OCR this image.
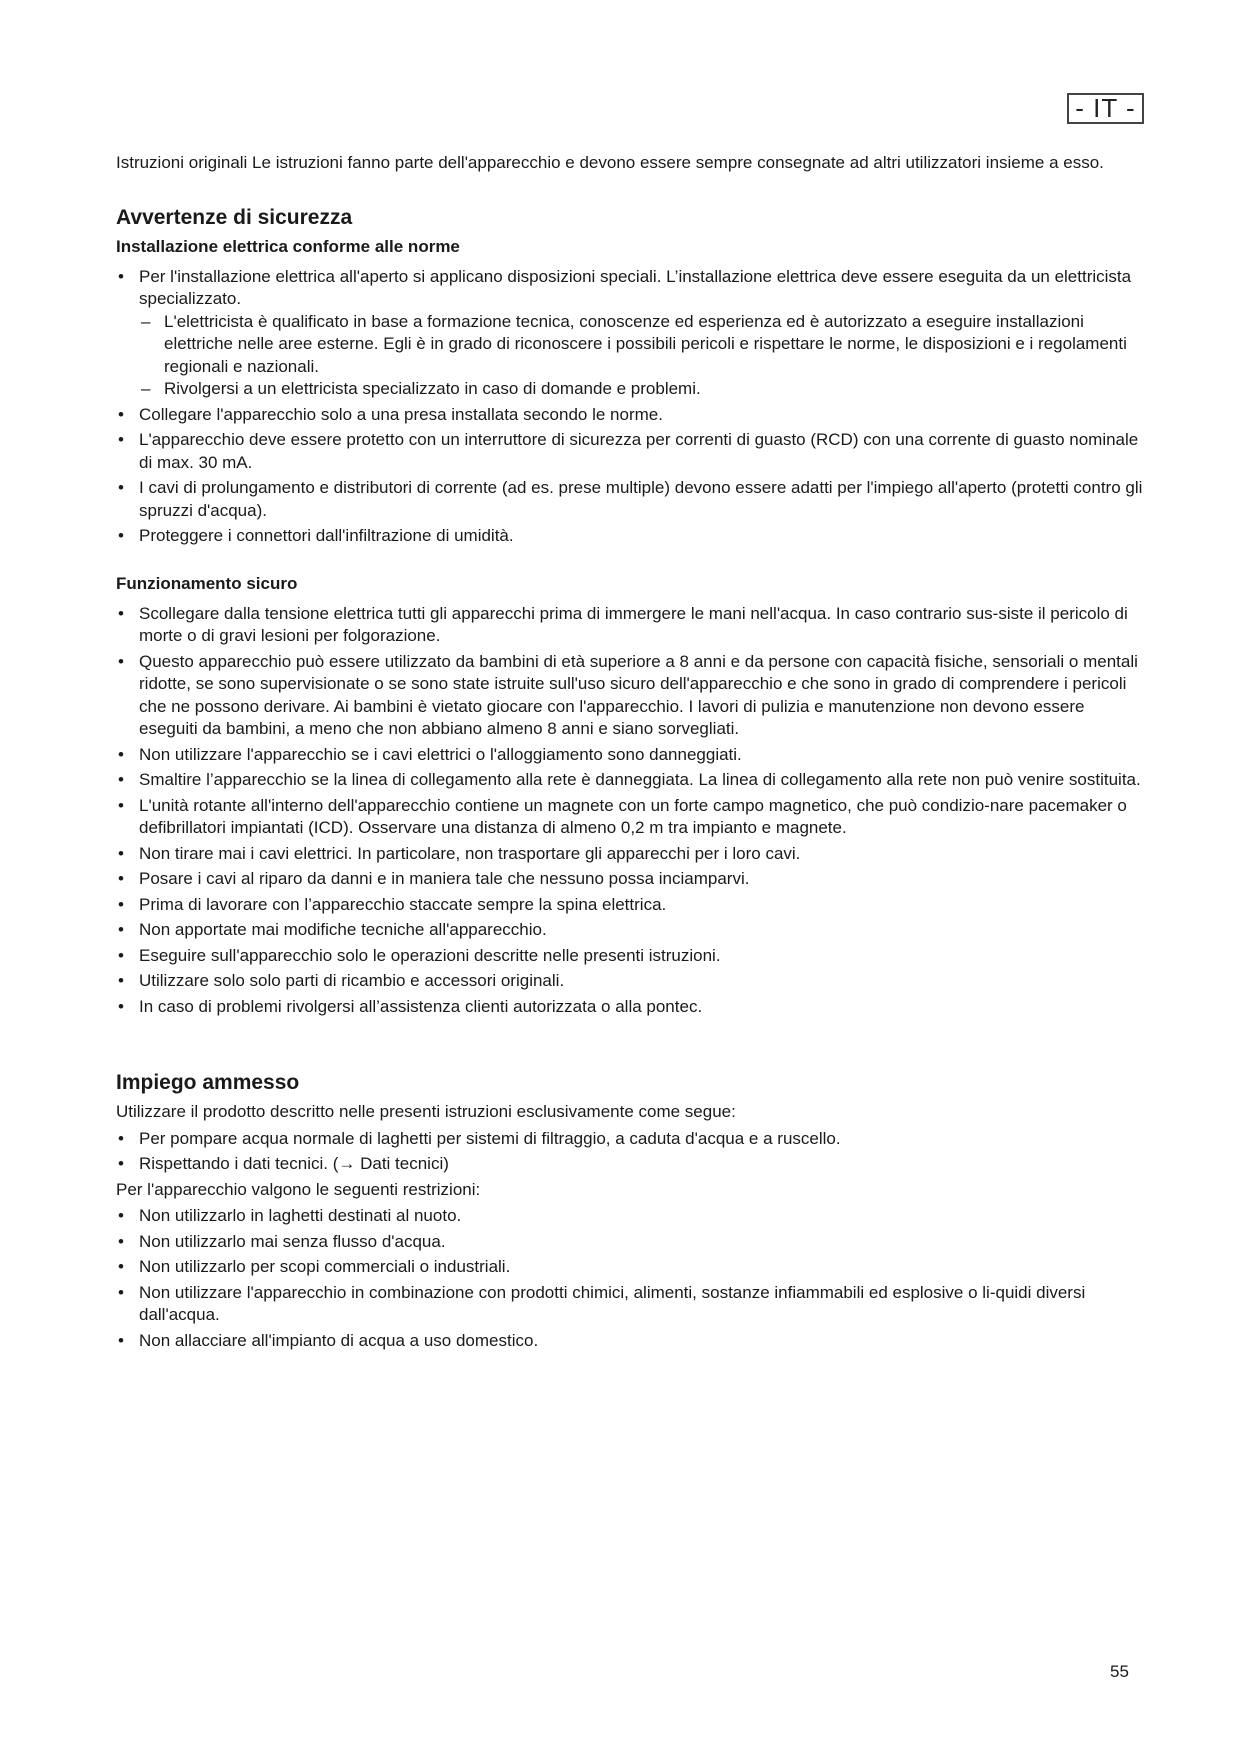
- IT -

Istruzioni originali Le istruzioni fanno parte dell'apparecchio e devono essere sempre consegnate ad altri utilizzatori insieme a esso.

Avvertenze di sicurezza
Installazione elettrica conforme alle norme
• Per l'installazione elettrica all'aperto si applicano disposizioni speciali. L’installazione elettrica deve essere eseguita da un elettricista specializzato.
– L'elettricista è qualificato in base a formazione tecnica, conoscenze ed esperienza ed è autorizzato a eseguire installazioni elettriche nelle aree esterne. Egli è in grado di riconoscere i possibili pericoli e rispettare le norme, le disposizioni e i regolamenti regionali e nazionali.
– Rivolgersi a un elettricista specializzato in caso di domande e problemi.
• Collegare l'apparecchio solo a una presa installata secondo le norme.
• L'apparecchio deve essere protetto con un interruttore di sicurezza per correnti di guasto (RCD) con una corrente di guasto nominale di max. 30 mA.
• I cavi di prolungamento e distributori di corrente (ad es. prese multiple) devono essere adatti per l'impiego all'aperto (protetti contro gli spruzzi d'acqua).
• Proteggere i connettori dall'infiltrazione di umidità.
Funzionamento sicuro
• Scollegare dalla tensione elettrica tutti gli apparecchi prima di immergere le mani nell'acqua. In caso contrario sus-siste il pericolo di morte o di gravi lesioni per folgorazione.
• Questo apparecchio può essere utilizzato da bambini di età superiore a 8 anni e da persone con capacità fisiche, sensoriali o mentali ridotte, se sono supervisionate o se sono state istruite sull'uso sicuro dell'apparecchio e che sono in grado di comprendere i pericoli che ne possono derivare. Ai bambini è vietato giocare con l'apparecchio. I lavori di pulizia e manutenzione non devono essere eseguiti da bambini, a meno che non abbiano almeno 8 anni e siano sorvegliati.
• Non utilizzare l'apparecchio se i cavi elettrici o l'alloggiamento sono danneggiati.
• Smaltire l’apparecchio se la linea di collegamento alla rete è danneggiata. La linea di collegamento alla rete non può venire sostituita.
• L'unità rotante all'interno dell'apparecchio contiene un magnete con un forte campo magnetico, che può condizio-nare pacemaker o defibrillatori impiantati (ICD). Osservare una distanza di almeno 0,2 m tra impianto e magnete.
• Non tirare mai i cavi elettrici. In particolare, non trasportare gli apparecchi per i loro cavi.
• Posare i cavi al riparo da danni e in maniera tale che nessuno possa inciamparvi.
• Prima di lavorare con l’apparecchio staccate sempre la spina elettrica.
• Non apportate mai modifiche tecniche all'apparecchio.
• Eseguire sull'apparecchio solo le operazioni descritte nelle presenti istruzioni.
• Utilizzare solo solo parti di ricambio e accessori originali.
• In caso di problemi rivolgersi all’assistenza clienti autorizzata o alla pontec.
Impiego ammesso

Utilizzare il prodotto descritto nelle presenti istruzioni esclusivamente come segue:

• Per pompare acqua normale di laghetti per sistemi di filtraggio, a caduta d'acqua e a ruscello.
• Rispettando i dati tecnici. (→ Dati tecnici)

Per l'apparecchio valgono le seguenti restrizioni:

• Non utilizzarlo in laghetti destinati al nuoto.
• Non utilizzarlo mai senza flusso d'acqua.
• Non utilizzarlo per scopi commerciali o industriali.
• Non utilizzare l'apparecchio in combinazione con prodotti chimici, alimenti, sostanze infiammabili ed esplosive o li-quidi diversi dall'acqua.
• Non allacciare all'impianto di acqua a uso domestico.
55
